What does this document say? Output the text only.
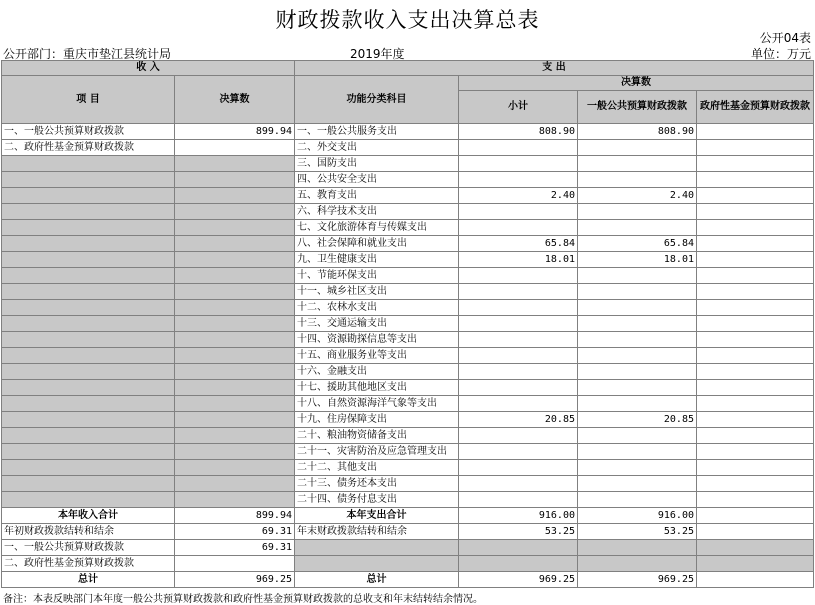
财政拨款收入支出决算总表
公开04表
公开部门：重庆市垫江县统计局	2019年度	单位：万元
收 入		支 出			
项 目	决算数	功能分类科目	决算数		
			小计	一般公共预算财政拨款	政府性基金预算财政拨款
一、一般公共预算财政拨款	899.94	一、一般公共服务支出	808.90	808.90	
二、政府性基金预算财政拨款		二、外交支出			
		三、国防支出			
		四、公共安全支出			
		五、教育支出	2.40	2.40	
		六、科学技术支出			
		七、文化旅游体育与传媒支出			
		八、社会保障和就业支出	65.84	65.84	
		九、卫生健康支出	18.01	18.01	
		十、节能环保支出			
		十一、城乡社区支出			
		十二、农林水支出			
		十三、交通运输支出			
		十四、资源勘探信息等支出			
		十五、商业服务业等支出			
		十六、金融支出			
		十七、援助其他地区支出			
		十八、自然资源海洋气象等支出			
		十九、住房保障支出	20.85	20.85	
		二十、粮油物资储备支出			
		二十一、灾害防治及应急管理支出			
		二十二、其他支出			
		二十三、债务还本支出			
		二十四、债务付息支出			
本年收入合计	899.94	本年支出合计	916.00	916.00	
年初财政拨款结转和结余	69.31	年末财政拨款结转和结余	53.25	53.25	
一、一般公共预算财政拨款	69.31				
二、政府性基金预算财政拨款					
总计	969.25	总计	969.25	969.25	
备注：本表反映部门本年度一般公共预算财政拨款和政府性基金预算财政拨款的总收支和年末结转结余情况。
